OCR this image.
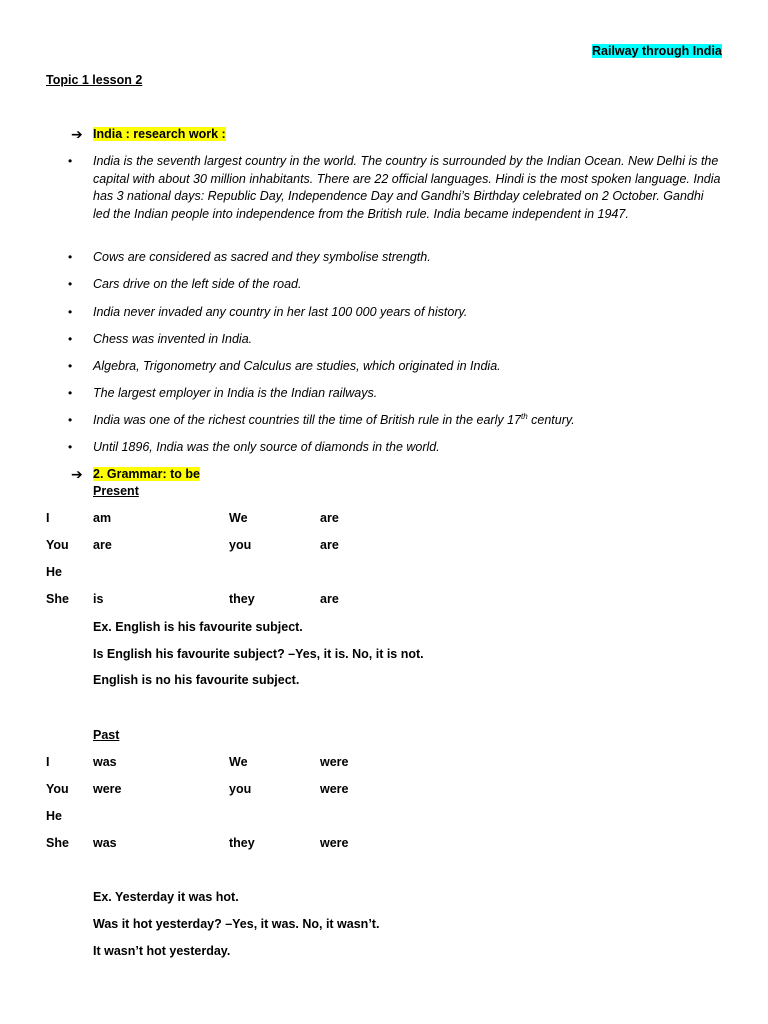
Railway through India
Topic 1 lesson 2
➔ India : research work :
• India is the seventh largest country in the world. The country is surrounded by the Indian Ocean. New Delhi is the capital with about 30 million inhabitants. There are 22 official languages. Hindi is the most spoken language. India has 3 national days: Republic Day, Independence Day and Gandhi’s Birthday celebrated on 2 October. Gandhi led the Indian people into independence from the British rule. India became independent in 1947.
• Cows are considered as sacred and they symbolise strength.
• Cars drive on the left side of the road.
• India never invaded any country in her last 100 000 years of history.
• Chess was invented in India.
• Algebra, Trigonometry and Calculus are studies, which originated in India.
• The largest employer in India is the Indian railways.
• India was one of the richest countries till the time of British rule in the early 17th century.
• Until 1896, India was the only source of diamonds in the world.
➔ 2. Grammar: to be
Present
I	am	We	are
You are	you	are
He
She is	they	are
Ex. English is his favourite subject.
Is English his favourite subject? –Yes, it is. No, it is not.
English is no his favourite subject.
Past
I	was	We	were
You were	you	were
He
She was	they	were
Ex. Yesterday it was hot.
Was it hot yesterday? –Yes, it was. No, it wasn’t.
It wasn’t hot yesterday.
